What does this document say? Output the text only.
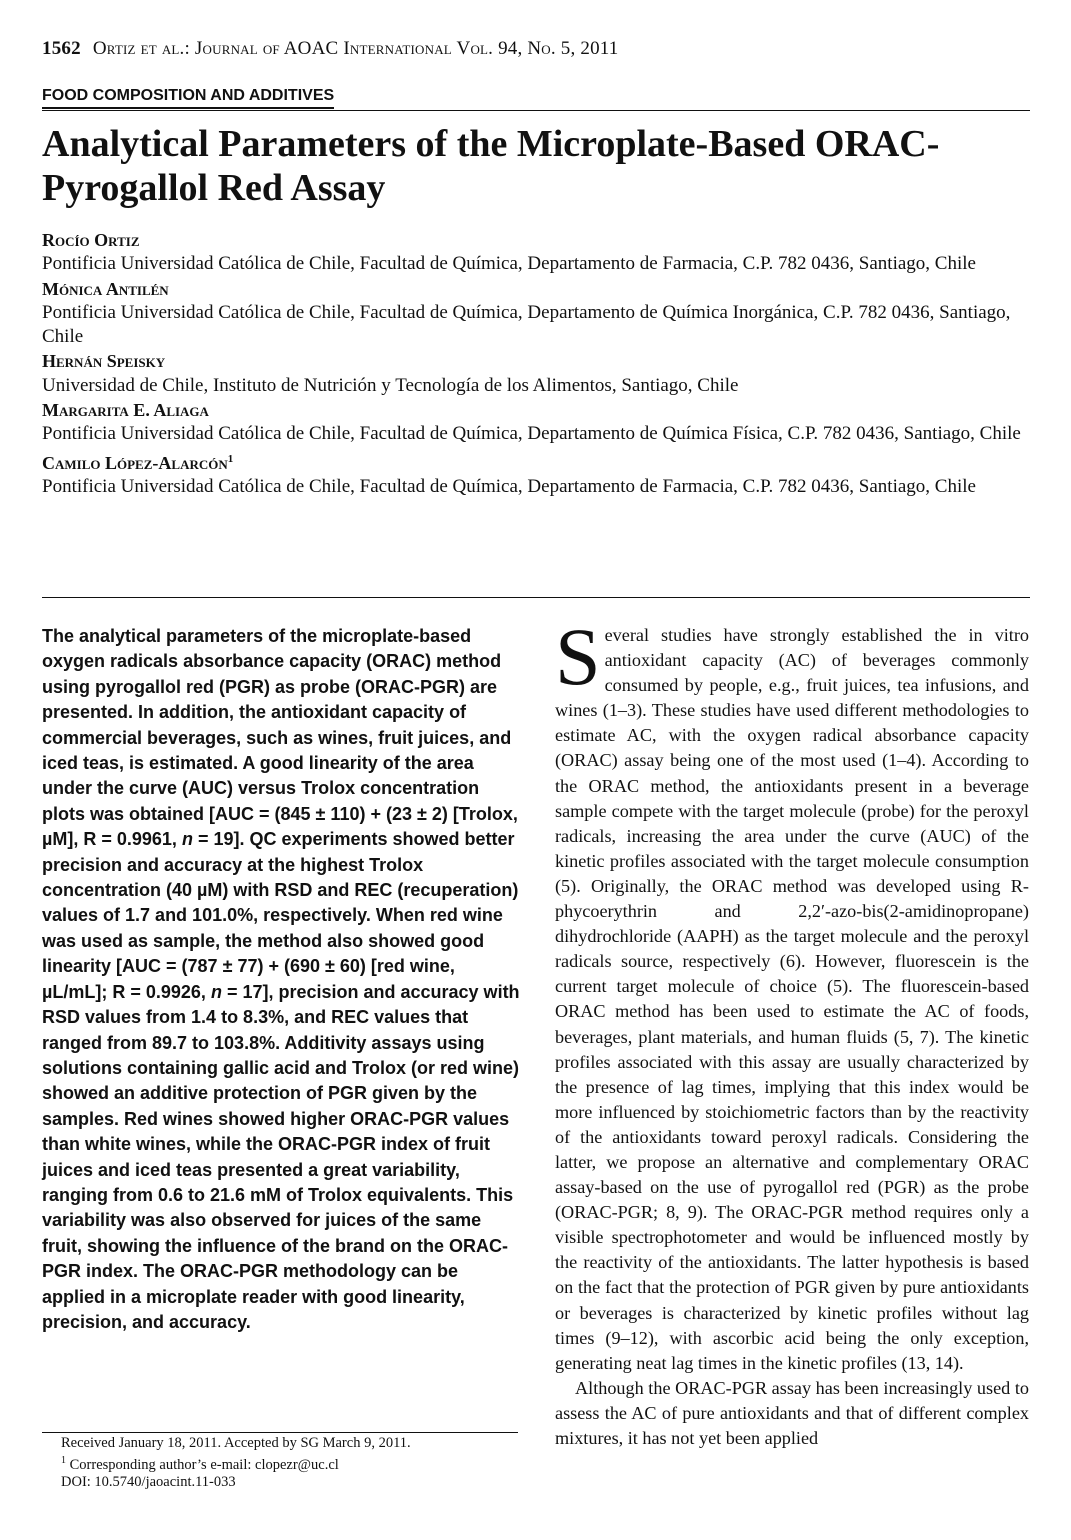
1562 Ortiz et al.: Journal of AOAC International Vol. 94, No. 5, 2011
FOOD COMPOSITION AND ADDITIVES
Analytical Parameters of the Microplate-Based ORAC-Pyrogallol Red Assay
Rocío Ortiz
Pontificia Universidad Católica de Chile, Facultad de Química, Departamento de Farmacia, C.P. 782 0436, Santiago, Chile
Mónica Antilén
Pontificia Universidad Católica de Chile, Facultad de Química, Departamento de Química Inorgánica, C.P. 782 0436, Santiago, Chile
Hernán Speisky
Universidad de Chile, Instituto de Nutrición y Tecnología de los Alimentos, Santiago, Chile
Margarita E. Aliaga
Pontificia Universidad Católica de Chile, Facultad de Química, Departamento de Química Física, C.P. 782 0436, Santiago, Chile
Camilo López-Alarcón$^1$
Pontificia Universidad Católica de Chile, Facultad de Química, Departamento de Farmacia, C.P. 782 0436, Santiago, Chile

The analytical parameters of the microplate-based oxygen radicals absorbance capacity (ORAC) method using pyrogallol red (PGR) as probe (ORAC-PGR) are presented. In addition, the antioxidant capacity of commercial beverages, such as wines, fruit juices, and iced teas, is estimated. A good linearity of the area under the curve (AUC) versus Trolox concentration plots was obtained [AUC = (845 ± 110) + (23 ± 2) [Trolox, µM], R = 0.9961, n = 19]. QC experiments showed better precision and accuracy at the highest Trolox concentration (40 µM) with RSD and REC (recuperation) values of 1.7 and 101.0%, respectively. When red wine was used as sample, the method also showed good linearity [AUC = (787 ± 77) + (690 ± 60) [red wine, µL/mL]; R = 0.9926, n = 17], precision and accuracy with RSD values from 1.4 to 8.3%, and REC values that ranged from 89.7 to 103.8%. Additivity assays using solutions containing gallic acid and Trolox (or red wine) showed an additive protection of PGR given by the samples. Red wines showed higher ORAC-PGR values than white wines, while the ORAC-PGR index of fruit juices and iced teas presented a great variability, ranging from 0.6 to 21.6 mM of Trolox equivalents. This variability was also observed for juices of the same fruit, showing the influence of the brand on the ORAC-PGR index. The ORAC-PGR methodology can be applied in a microplate reader with good linearity, precision, and accuracy.

Received January 18, 2011. Accepted by SG March 9, 2011.
$^1$ Corresponding author’s e-mail: clopezr@uc.cl
DOI: 10.5740/jaoacint.11-033

Several studies have strongly established the in vitro antioxidant capacity (AC) of beverages commonly consumed by people, e.g., fruit juices, tea infusions, and wines (1–3). These studies have used different methodologies to estimate AC, with the oxygen radical absorbance capacity (ORAC) assay being one of the most used (1–4). According to the ORAC method, the antioxidants present in a beverage sample compete with the target molecule (probe) for the peroxyl radicals, increasing the area under the curve (AUC) of the kinetic profiles associated with the target molecule consumption (5). Originally, the ORAC method was developed using R-phycoerythrin and 2,2′-azo-bis(2-amidinopropane) dihydrochloride (AAPH) as the target molecule and the peroxyl radicals source, respectively (6). However, fluorescein is the current target molecule of choice (5). The fluorescein-based ORAC method has been used to estimate the AC of foods, beverages, plant materials, and human fluids (5, 7). The kinetic profiles associated with this assay are usually characterized by the presence of lag times, implying that this index would be more influenced by stoichiometric factors than by the reactivity of the antioxidants toward peroxyl radicals. Considering the latter, we propose an alternative and complementary ORAC assay-based on the use of pyrogallol red (PGR) as the probe (ORAC-PGR; 8, 9). The ORAC-PGR method requires only a visible spectrophotometer and would be influenced mostly by the reactivity of the antioxidants. The latter hypothesis is based on the fact that the protection of PGR given by pure antioxidants or beverages is characterized by kinetic profiles without lag times (9–12), with ascorbic acid being the only exception, generating neat lag times in the kinetic profiles (13, 14).

Although the ORAC-PGR assay has been increasingly used to assess the AC of pure antioxidants and that of different complex mixtures, it has not yet been applied
